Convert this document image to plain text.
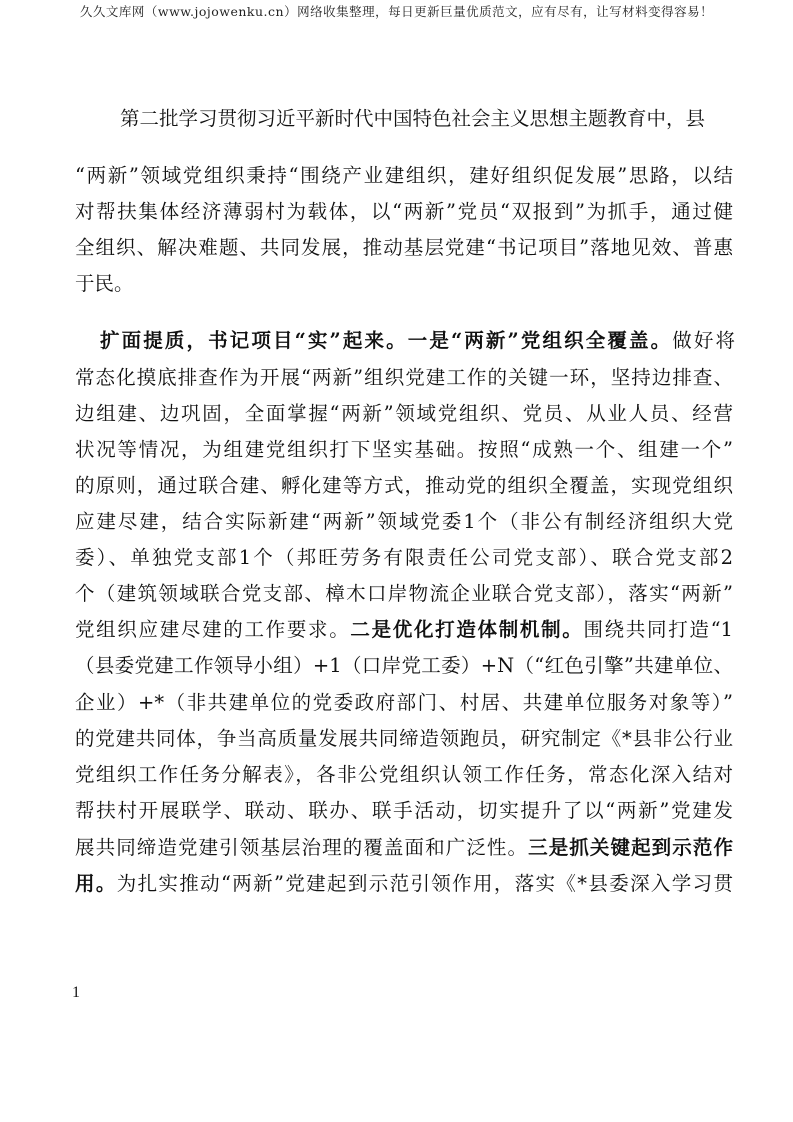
久久文库网（www.jojowenku.cn）网络收集整理，每日更新巨量优质范文，应有尽有，让写材料变得容易！
第二批学习贯彻习近平新时代中国特色社会主义思想主题教育中，县
“两新”领域党组织秉持“围绕产业建组织，建好组织促发展”思路，以结
对帮扶集体经济薄弱村为载体，以“两新”党员“双报到”为抓手，通过健
全组织、解决难题、共同发展，推动基层党建“书记项目”落地见效、普惠
于民。
扩面提质，书记项目“实”起来。一是“两新”党组织全覆盖。做好将
常态化摸底排查作为开展“两新”组织党建工作的关键一环，坚持边排查、
边组建、边巩固，全面掌握“两新”领域党组织、党员、从业人员、经营
状况等情况，为组建党组织打下坚实基础。按照“成熟一个、组建一个”
的原则，通过联合建、孵化建等方式，推动党的组织全覆盖，实现党组织
应建尽建，结合实际新建“两新”领域党委1个（非公有制经济组织大党
委）、单独党支部1个（邦旺劳务有限责任公司党支部）、联合党支部2
个（建筑领域联合党支部、樟木口岸物流企业联合党支部），落实“两新”
党组织应建尽建的工作要求。二是优化打造体制机制。围绕共同打造“1
（县委党建工作领导小组）+1（口岸党工委）+N（“红色引擎”共建单位、
企业）+*（非共建单位的党委政府部门、村居、共建单位服务对象等）”
的党建共同体，争当高质量发展共同缔造领跑员，研究制定《*县非公行业
党组织工作任务分解表》，各非公党组织认领工作任务，常态化深入结对
帮扶村开展联学、联动、联办、联手活动，切实提升了以“两新”党建发
展共同缔造党建引领基层治理的覆盖面和广泛性。三是抓关键起到示范作
用。为扎实推动“两新”党建起到示范引领作用，落实《*县委深入学习贯
1
